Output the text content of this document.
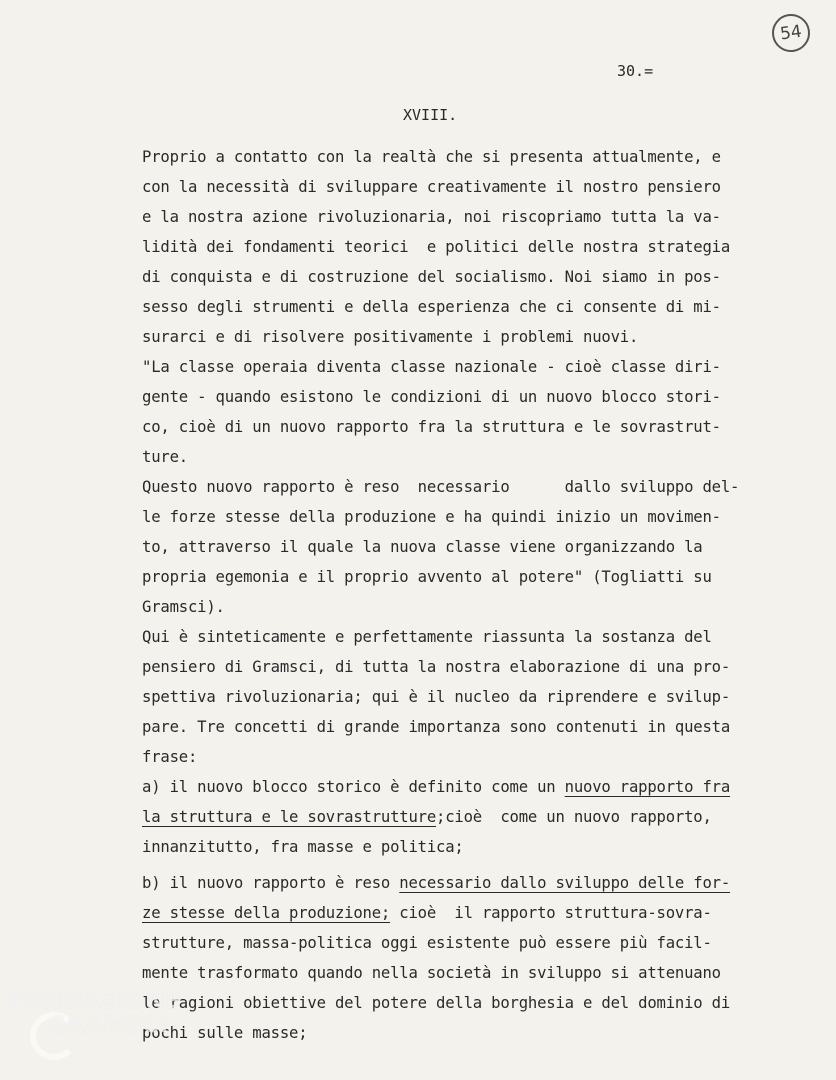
54
30.=
XVIII.
Proprio a contatto con la realtà che si presenta attualmente, e
con la necessità di sviluppare creativamente il nostro pensiero
e la nostra azione rivoluzionaria, noi riscopriamo tutta la va-
lidità dei fondamenti teorici  e politici delle nostra strategia
di conquista e di costruzione del socialismo. Noi siamo in pos-
sesso degli strumenti e della esperienza che ci consente di mi-
surarci e di risolvere positivamente i problemi nuovi.
"La classe operaia diventa classe nazionale - cioè classe diri-
gente - quando esistono le condizioni di un nuovo blocco stori-
co, cioè di un nuovo rapporto fra la struttura e le sovrastrut-
ture.
Questo nuovo rapporto è reso  necessario      dallo sviluppo del-
le forze stesse della produzione e ha quindi inizio un movimen-
to, attraverso il quale la nuova classe viene organizzando la
propria egemonia e il proprio avvento al potere" (Togliatti su
Gramsci).
Qui è sinteticamente e perfettamente riassunta la sostanza del
pensiero di Gramsci, di tutta la nostra elaborazione di una pro-
spettiva rivoluzionaria; qui è il nucleo da riprendere e svilup-
pare. Tre concetti di grande importanza sono contenuti in questa
frase:
a) il nuovo blocco storico è definito come un nuovo rapporto fra
la struttura e le sovrastrutture;cioè  come un nuovo rapporto,
innanzitutto, fra masse e politica;
b) il nuovo rapporto è reso necessario dallo sviluppo delle for-
ze stesse della produzione; cioè  il rapporto struttura-sovra-
strutture, massa-politica oggi esistente può essere più facil-
mente trasformato quando nella società in sviluppo si attenuano
le ragioni obiettive del potere della borghesia e del dominio di
pochi sulle masse;
FONDAZIONE
GRAMSCI
